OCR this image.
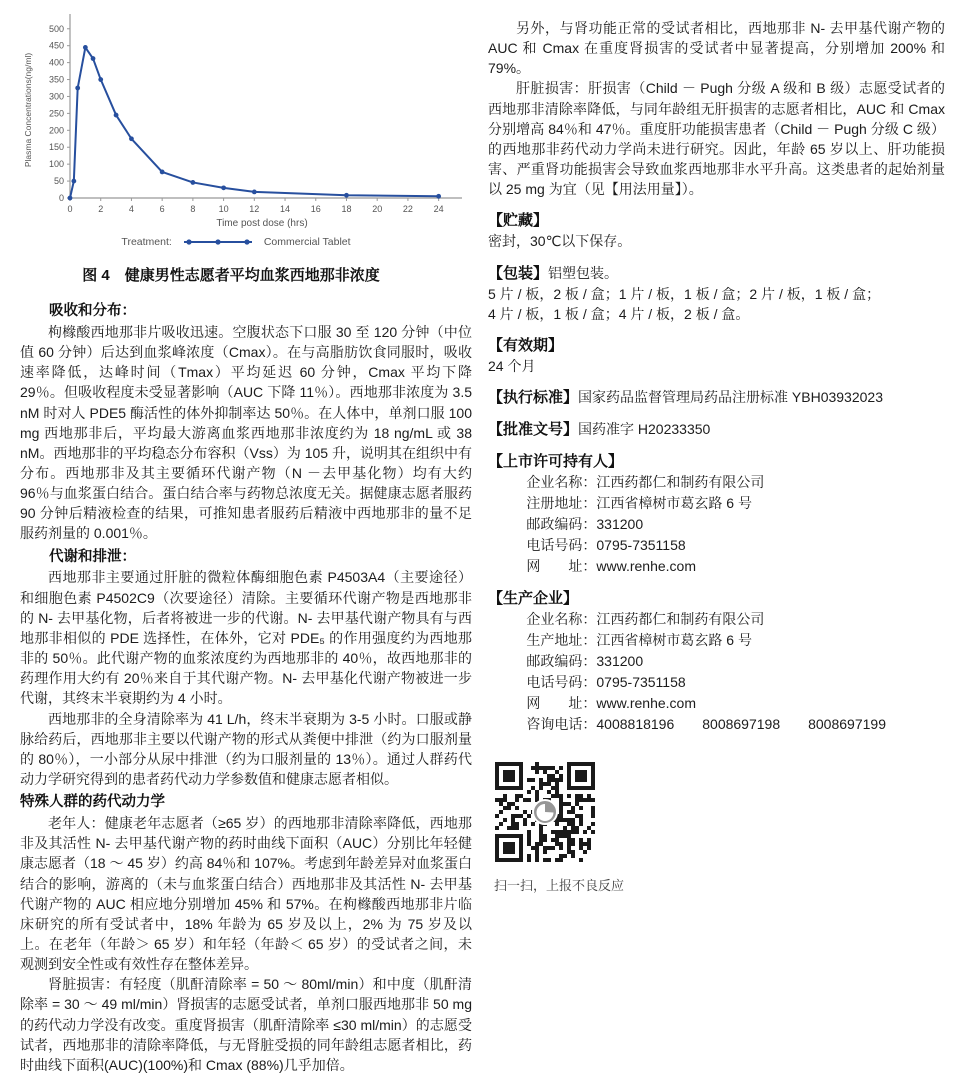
0
50
100
150
200
250
300
350
400
450
500
0	2	4	6	8	10 12 14 16 18 20 22 24
Time post dose (hrs)
Plasma Concentrations(ng/ml)
Treatment:	Commercial Tablet
图 4　健康男性志愿者平均血浆西地那非浓度
吸收和分布：

枸橼酸西地那非片吸收迅速。空腹状态下口服 30 至 120 分钟（中位值 60 分钟）后达到血浆峰浓度（Cmax）。在与高脂肪饮食同服时，吸收速率降低，达峰时间（Tmax）平均延迟 60 分钟，Cmax 平均下降 29％。但吸收程度未受显著影响（AUC 下降 11％）。西地那非浓度为 3.5 nM 时对人 PDE5 酶活性的体外抑制率达 50％。在人体中，单剂口服 100 mg 西地那非后，平均最大游离血浆西地那非浓度约为 18 ng/mL 或 38 nM。西地那非的平均稳态分布容积（Vss）为 105 升，说明其在组织中有分布。西地那非及其主要循环代谢产物（N －去甲基化物）均有大约 96％与血浆蛋白结合。蛋白结合率与药物总浓度无关。据健康志愿者服药 90 分钟后精液检查的结果，可推知患者服药后精液中西地那非的量不足服药剂量的 0.001％。

代谢和排泄：

西地那非主要通过肝脏的微粒体酶细胞色素 P4503A4（主要途径）和细胞色素 P4502C9（次要途径）清除。主要循环代谢产物是西地那非的 N- 去甲基化物，后者将被进一步的代谢。N- 去甲基代谢产物具有与西地那非相似的 PDE 选择性，在体外，它对 PDE₅ 的作用强度约为西地那非的 50％。此代谢产物的血浆浓度约为西地那非的 40％，故西地那非的药理作用大约有 20％来自于其代谢产物。N- 去甲基化代谢产物被进一步代谢，其终末半衰期约为 4 小时。

西地那非的全身清除率为 41 L/h，终末半衰期为 3-5 小时。口服或静脉给药后，西地那非主要以代谢产物的形式从粪便中排泄（约为口服剂量的 80％），一小部分从尿中排泄（约为口服剂量的 13％）。通过人群药代动力学研究得到的患者药代动力学参数值和健康志愿者相似。

特殊人群的药代动力学

老年人：健康老年志愿者（≥65 岁）的西地那非清除率降低，西地那非及其活性 N- 去甲基代谢产物的药时曲线下面积（AUC）分别比年轻健康志愿者（18 ～ 45 岁）约高 84％和 107%。考虑到年龄差异对血浆蛋白结合的影响，游离的（未与血浆蛋白结合）西地那非及其活性 N- 去甲基代谢产物的 AUC 相应地分别增加 45% 和 57%。在枸橼酸西地那非片临床研究的所有受试者中，18% 年龄为 65 岁及以上，2% 为 75 岁及以上。在老年（年龄＞ 65 岁）和年轻（年龄＜ 65 岁）的受试者之间，未观测到安全性或有效性存在整体差异。

肾脏损害：有轻度（肌酐清除率 = 50 ～ 80ml/min）和中度（肌酐清除率 = 30 ～ 49 ml/min）肾损害的志愿受试者，单剂口服西地那非 50 mg 的药代动力学没有改变。重度肾损害（肌酐清除率 ≤30 ml/min）的志愿受试者，西地那非的清除率降低，与无肾脏受损的同年龄组志愿者相比，药时曲线下面积(AUC)(100%)和 Cmax (88%)几乎加倍。

另外，与肾功能正常的受试者相比，西地那非 N- 去甲基代谢产物的 AUC 和 Cmax 在重度肾损害的受试者中显著提高，分别增加 200% 和 79%。

肝脏损害：肝损害（Child － Pugh 分级 A 级和 B 级）志愿受试者的西地那非清除率降低，与同年龄组无肝损害的志愿者相比，AUC 和 Cmax 分别增高 84％和 47％。重度肝功能损害患者（Child － Pugh 分级 C 级）的西地那非药代动力学尚未进行研究。因此，年龄 65 岁以上、肝功能损害、严重肾功能损害会导致血浆西地那非水平升高。这类患者的起始剂量以 25 mg 为宜（见【用法用量】）。

【贮藏】

密封，30℃以下保存。

【包装】铝塑包装。

5 片 / 板，2 板 / 盒；1 片 / 板，1 板 / 盒；2 片 / 板，1 板 / 盒；

4 片 / 板，1 板 / 盒；4 片 / 板，2 板 / 盒。

【有效期】

24 个月

【执行标准】国家药品监督管理局药品注册标准 YBH03932023
【批准文号】国药准字 H20233350
【上市许可持有人】
企业名称：江西药都仁和制药有限公司
注册地址：江西省樟树市葛玄路 6 号
邮政编码：331200
电话号码：0795-7351158
网　　址：www.renhe.com
【生产企业】
企业名称：江西药都仁和制药有限公司
生产地址：江西省樟树市葛玄路 6 号
邮政编码：331200
电话号码：0795-7351158
网　　址：www.renhe.com
咨询电话：4008818196　　8008697198　　8008697199
扫一扫，上报不良反应
